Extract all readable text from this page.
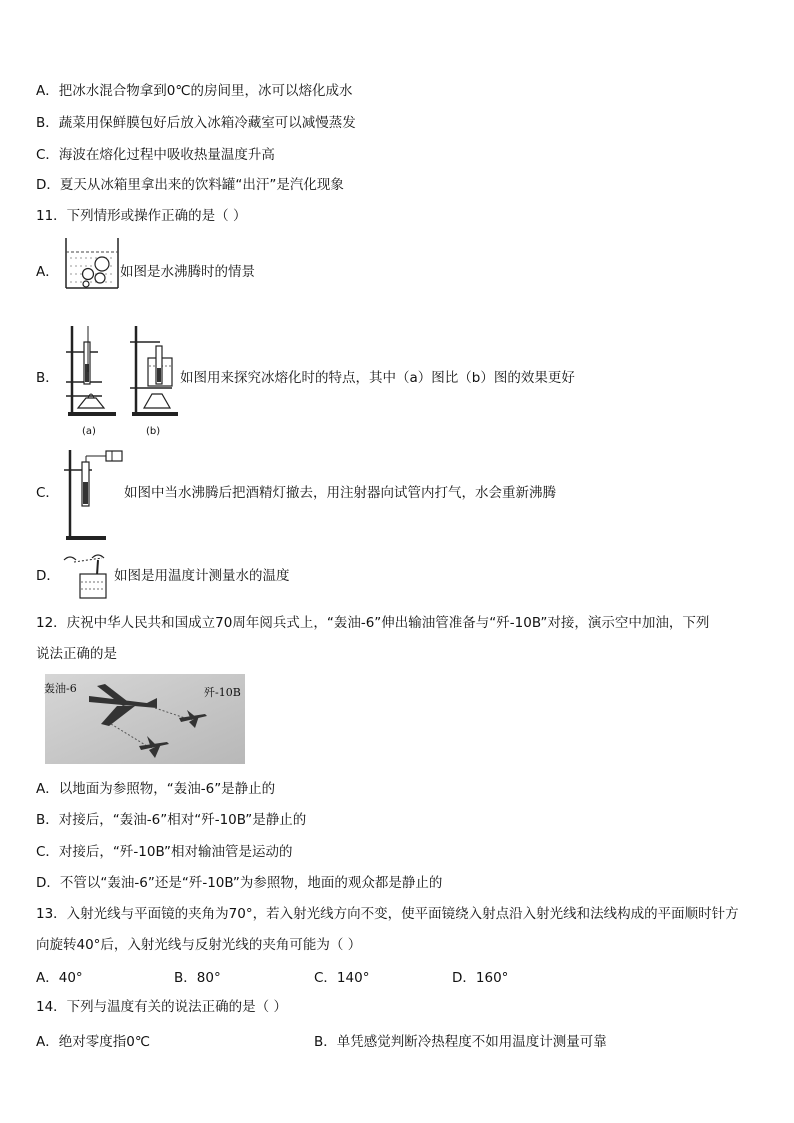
A．把冰水混合物拿到0℃的房间里，冰可以熔化成水
B．蔬菜用保鲜膜包好后放入冰箱冷藏室可以减慢蒸发
C．海波在熔化过程中吸收热量温度升高
D．夏天从冰箱里拿出来的饮料罐“出汗”是汽化现象
11．下列情形或操作正确的是（ ）
A．	如图是水沸腾时的情景
B．
(a)	(b)
如图用来探究冰熔化时的特点，其中（a）图比（b）图的效果更好
C．	如图中当水沸腾后把酒精灯撤去，用注射器向试管内打气，水会重新沸腾
D．	如图是用温度计测量水的温度
12．庆祝中华人民共和国成立70周年阅兵式上，“轰油-6”伸出输油管准备与“歼-10B”对接，演示空中加油，下列
说法正确的是
轰油-6	歼-10B
A．以地面为参照物，“轰油-6”是静止的
B．对接后，“轰油-6”相对“歼-10B”是静止的
C．对接后，“歼-10B”相对输油管是运动的
D．不管以“轰油-6”还是“歼-10B”为参照物，地面的观众都是静止的
13．入射光线与平面镜的夹角为70°，若入射光线方向不变，使平面镜绕入射点沿入射光线和法线构成的平面顺时针方
向旋转40°后，入射光线与反射光线的夹角可能为（ ）
A．40°	B．80°	C．140°	D．160°
14．下列与温度有关的说法正确的是（ ）
A．绝对零度指0℃	B．单凭感觉判断冷热程度不如用温度计测量可靠
